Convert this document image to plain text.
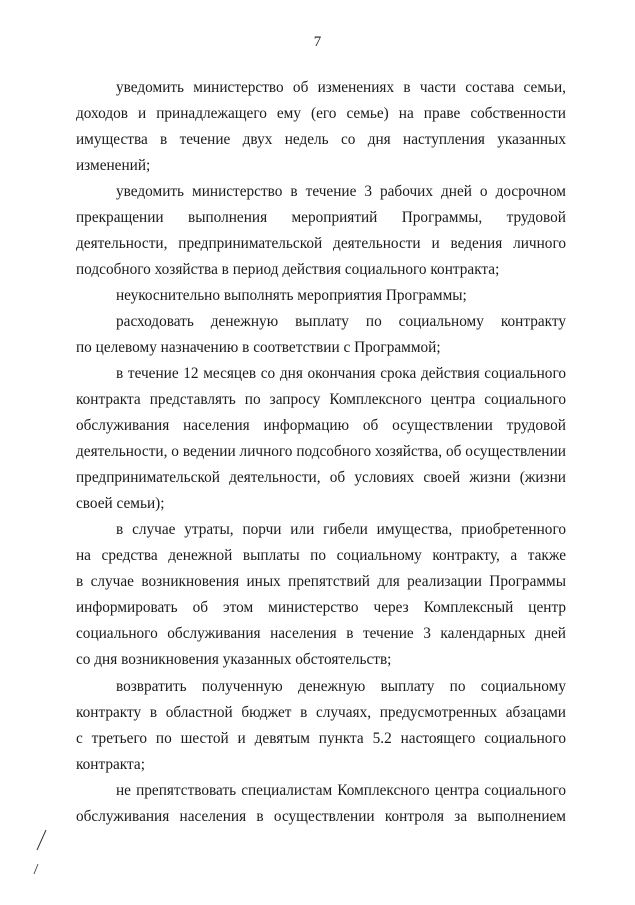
7
уведомить министерство об изменениях в части состава семьи,
доходов и принадлежащего ему (его семье) на праве собственности
имущества в течение двух недель со дня наступления указанных
изменений;
уведомить министерство в течение 3 рабочих дней о досрочном
прекращении выполнения мероприятий Программы, трудовой
деятельности, предпринимательской деятельности и ведения личного
подсобного хозяйства в период действия социального контракта;
неукоснительно выполнять мероприятия Программы;
расходовать денежную выплату по социальному контракту
по целевому назначению в соответствии с Программой;
в течение 12 месяцев со дня окончания срока действия социального
контракта представлять по запросу Комплексного центра социального
обслуживания населения информацию об осуществлении трудовой
деятельности, о ведении личного подсобного хозяйства, об осуществлении
предпринимательской деятельности, об условиях своей жизни (жизни
своей семьи);
в случае утраты, порчи или гибели имущества, приобретенного
на средства денежной выплаты по социальному контракту, а также
в случае возникновения иных препятствий для реализации Программы
информировать об этом министерство через Комплексный центр
социального обслуживания населения в течение 3 календарных дней
со дня возникновения указанных обстоятельств;
возвратить полученную денежную выплату по социальному
контракту в областной бюджет в случаях, предусмотренных абзацами
с третьего по шестой и девятым пункта 5.2 настоящего социального
контракта;
не препятствовать специалистам Комплексного центра социального
обслуживания населения в осуществлении контроля за выполнением
